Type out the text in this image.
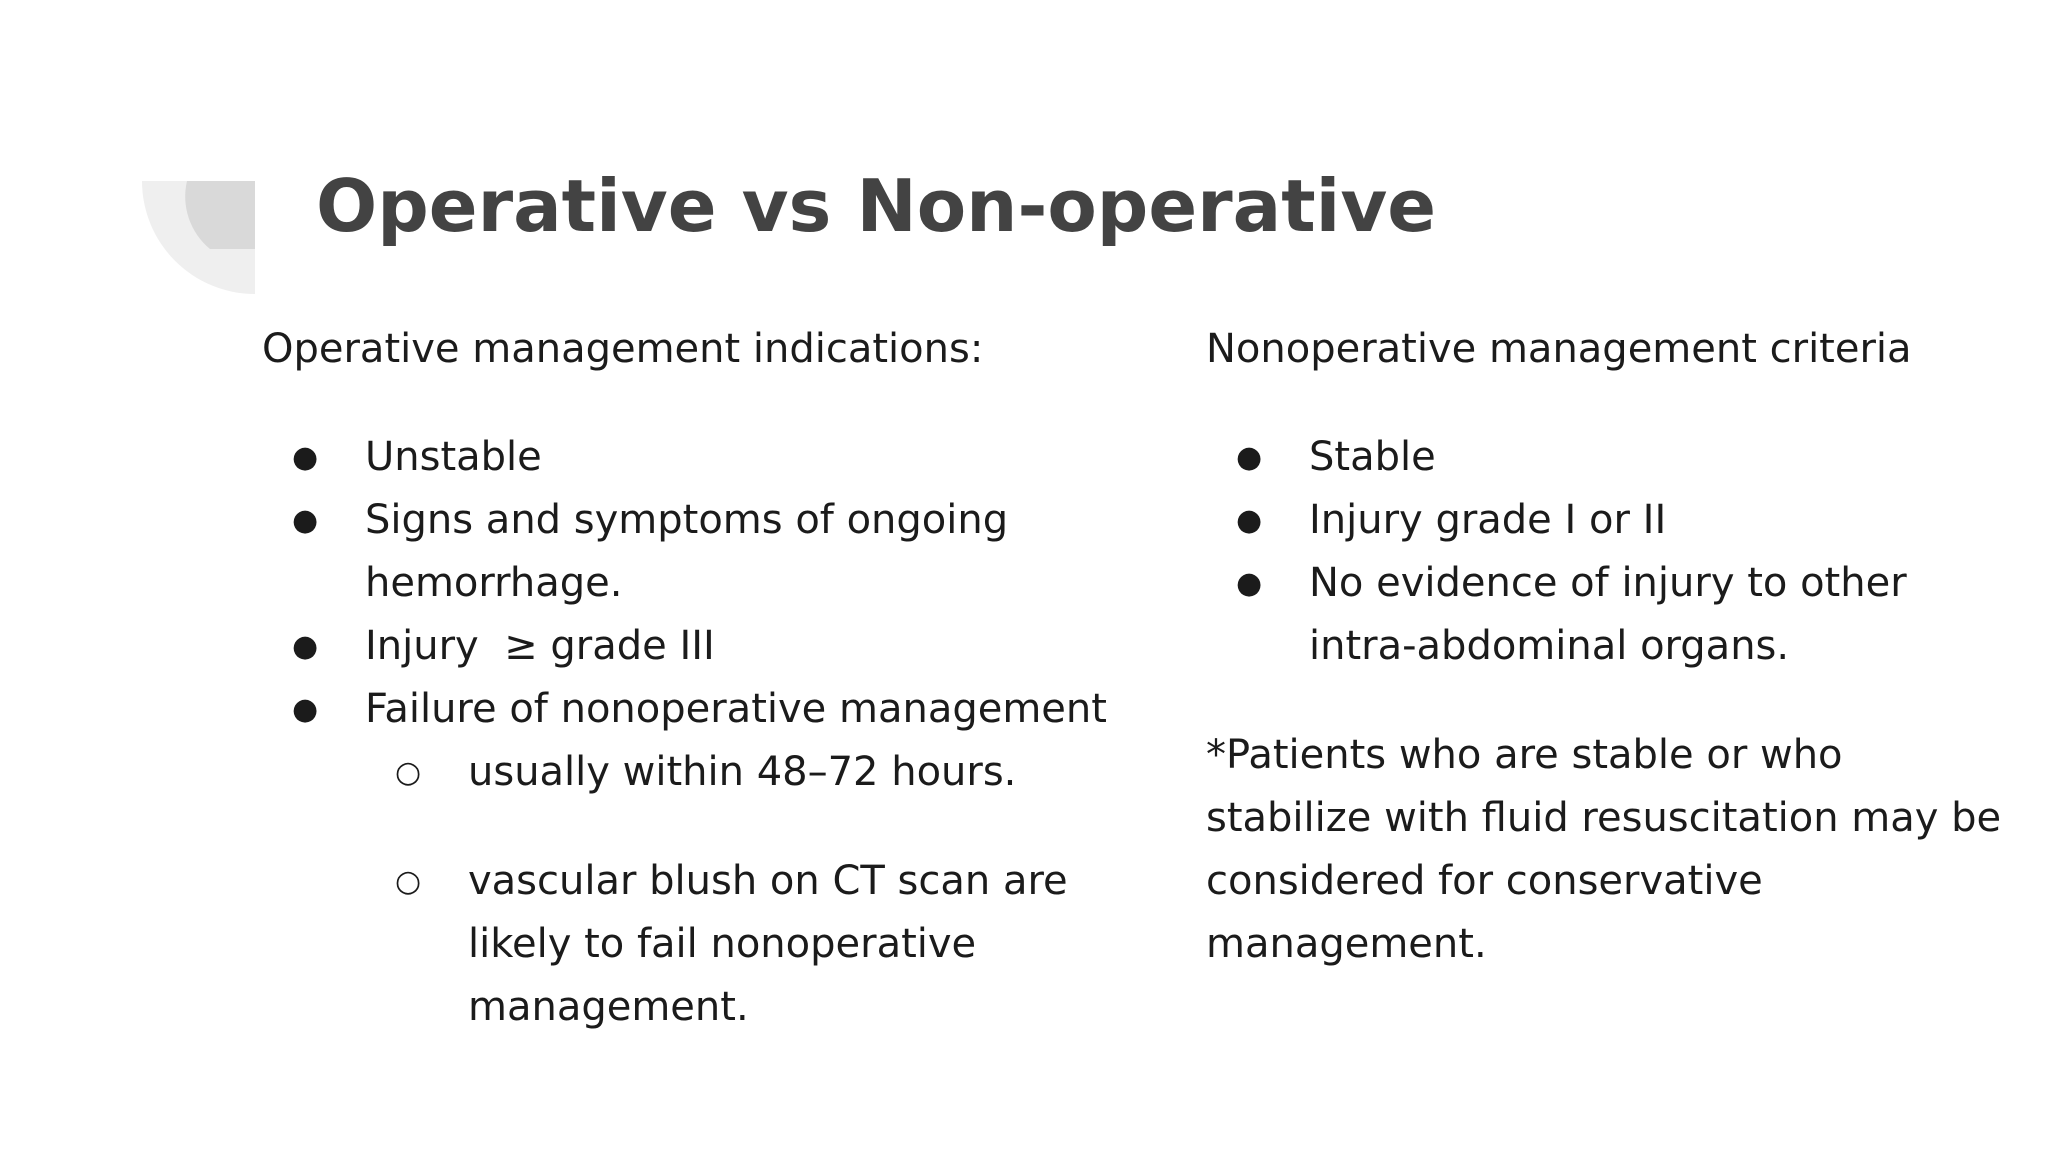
Operative vs Non-operative

Operative management indications:

● Unstable
● Signs and symptoms of ongoing hemorrhage.
● Injury  ≥ grade III
● Failure of nonoperative management
○ usually within 48–72 hours.
○ vascular blush on CT scan are likely to fail nonoperative management.

Nonoperative management criteria

● Stable
● Injury grade I or II
● No evidence of injury to other intra-abdominal organs.

*Patients who are stable or who stabilize with fluid resuscitation may be considered for conservative management.
